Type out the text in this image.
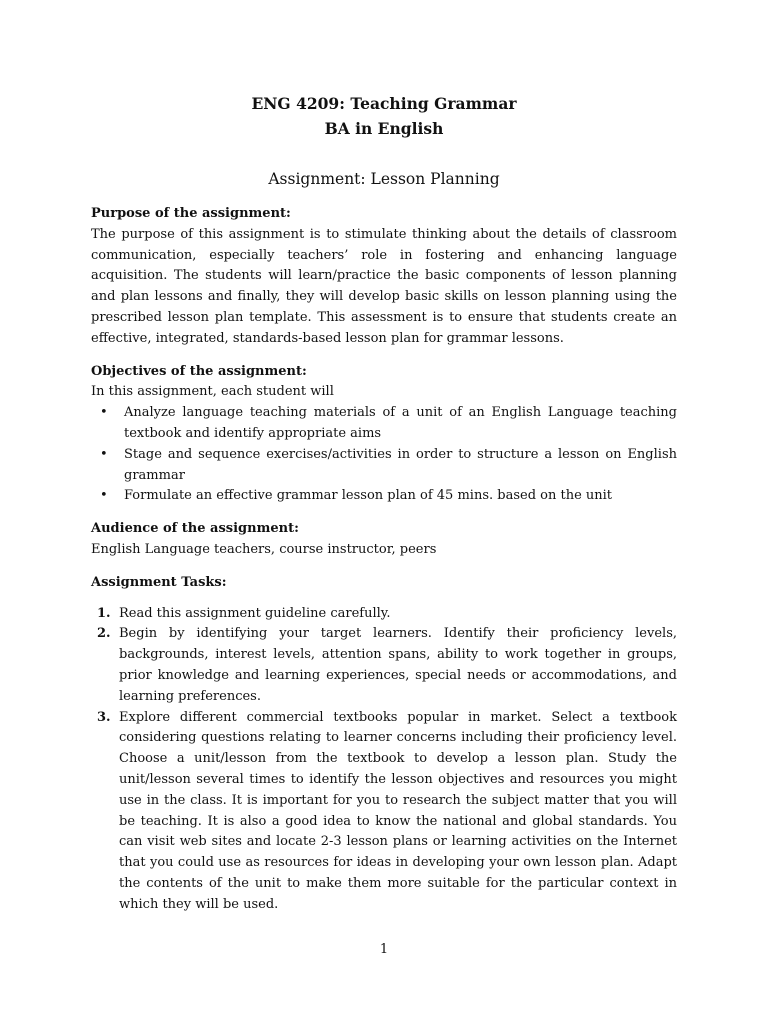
ENG 4209: Teaching Grammar
BA in English
Assignment: Lesson Planning

Purpose of the assignment:

The purpose of this assignment is to stimulate thinking about the details of classroom communication, especially teachers’ role in fostering and enhancing language acquisition. The students will learn/practice the basic components of lesson planning and plan lessons and finally, they will develop basic skills on lesson planning using the prescribed lesson plan template. This assessment is to ensure that students create an effective, integrated, standards-based lesson plan for grammar lessons.

Objectives of the assignment:

In this assignment, each student will

• Analyze language teaching materials of a unit of an English Language teaching textbook and identify appropriate aims
• Stage and sequence exercises/activities in order to structure a lesson on English grammar
• Formulate an effective grammar lesson plan of 45 mins. based on the unit

Audience of the assignment:

English Language teachers, course instructor, peers

Assignment Tasks:

1. Read this assignment guideline carefully.
2. Begin by identifying your target learners. Identify their proficiency levels, backgrounds, interest levels, attention spans, ability to work together in groups, prior knowledge and learning experiences, special needs or accommodations, and learning preferences.
3. Explore different commercial textbooks popular in market. Select a textbook considering questions relating to learner concerns including their proficiency level. Choose a unit/lesson from the textbook to develop a lesson plan. Study the unit/lesson several times to identify the lesson objectives and resources you might use in the class. It is important for you to research the subject matter that you will be teaching. It is also a good idea to know the national and global standards. You can visit web sites and locate 2-3 lesson plans or learning activities on the Internet that you could use as resources for ideas in developing your own lesson plan. Adapt the contents of the unit to make them more suitable for the particular context in which they will be used.
1
